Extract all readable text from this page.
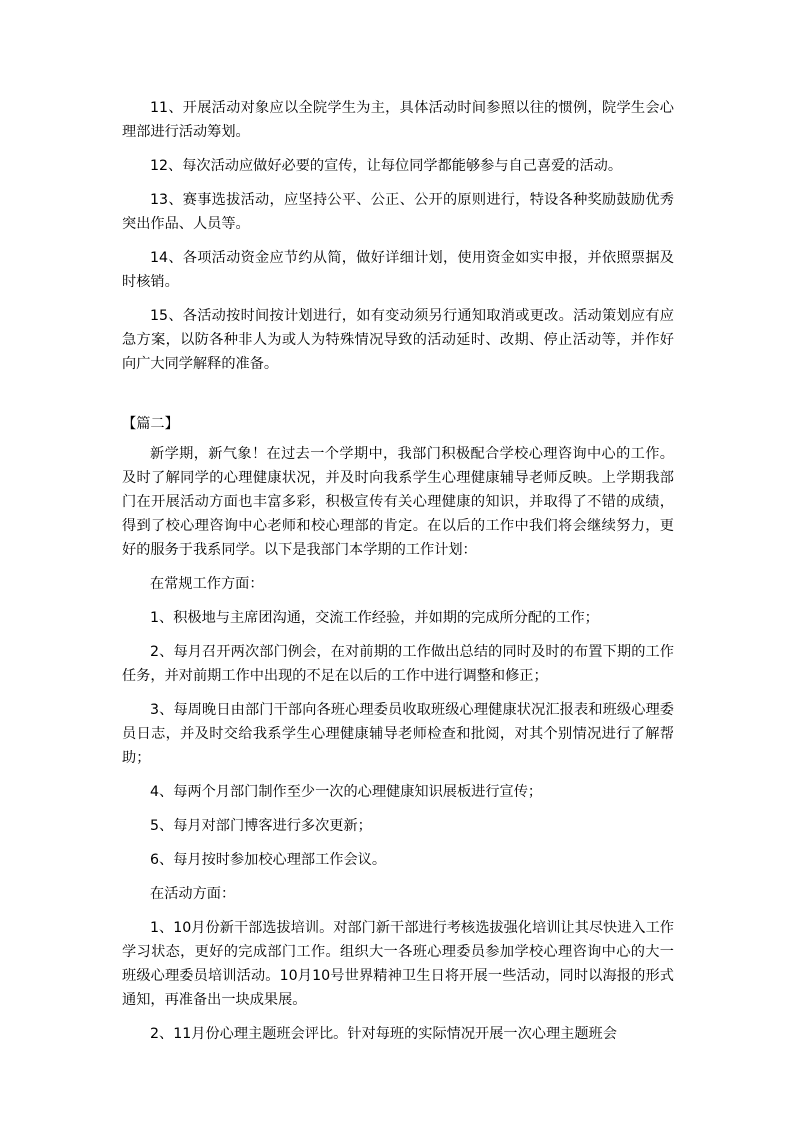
11、开展活动对象应以全院学生为主，具体活动时间参照以往的惯例，院学生会心理部进行活动筹划。

12、每次活动应做好必要的宣传，让每位同学都能够参与自己喜爱的活动。

13、赛事选拔活动，应坚持公平、公正、公开的原则进行，特设各种奖励鼓励优秀突出作品、人员等。

14、各项活动资金应节约从简，做好详细计划，使用资金如实申报，并依照票据及时核销。

15、各活动按时间按计划进行，如有变动须另行通知取消或更改。活动策划应有应急方案，以防各种非人为或人为特殊情况导致的活动延时、改期、停止活动等，并作好向广大同学解释的准备。

【篇二】

新学期，新气象！在过去一个学期中，我部门积极配合学校心理咨询中心的工作。及时了解同学的心理健康状况，并及时向我系学生心理健康辅导老师反映。上学期我部门在开展活动方面也丰富多彩，积极宣传有关心理健康的知识，并取得了不错的成绩，得到了校心理咨询中心老师和校心理部的肯定。在以后的工作中我们将会继续努力，更好的服务于我系同学。以下是我部门本学期的工作计划：

在常规工作方面：

1、积极地与主席团沟通，交流工作经验，并如期的完成所分配的工作；

2、每月召开两次部门例会，在对前期的工作做出总结的同时及时的布置下期的工作任务，并对前期工作中出现的不足在以后的工作中进行调整和修正；

3、每周晚日由部门干部向各班心理委员收取班级心理健康状况汇报表和班级心理委员日志，并及时交给我系学生心理健康辅导老师检查和批阅，对其个别情况进行了解帮助；

4、每两个月部门制作至少一次的心理健康知识展板进行宣传；

5、每月对部门博客进行多次更新；

6、每月按时参加校心理部工作会议。

在活动方面：

1、10月份新干部选拔培训。对部门新干部进行考核选拔强化培训让其尽快进入工作学习状态，更好的完成部门工作。组织大一各班心理委员参加学校心理咨询中心的大一班级心理委员培训活动。10月10号世界精神卫生日将开展一些活动，同时以海报的形式通知，再准备出一块成果展。

2、11月份心理主题班会评比。针对每班的实际情况开展一次心理主题班会
